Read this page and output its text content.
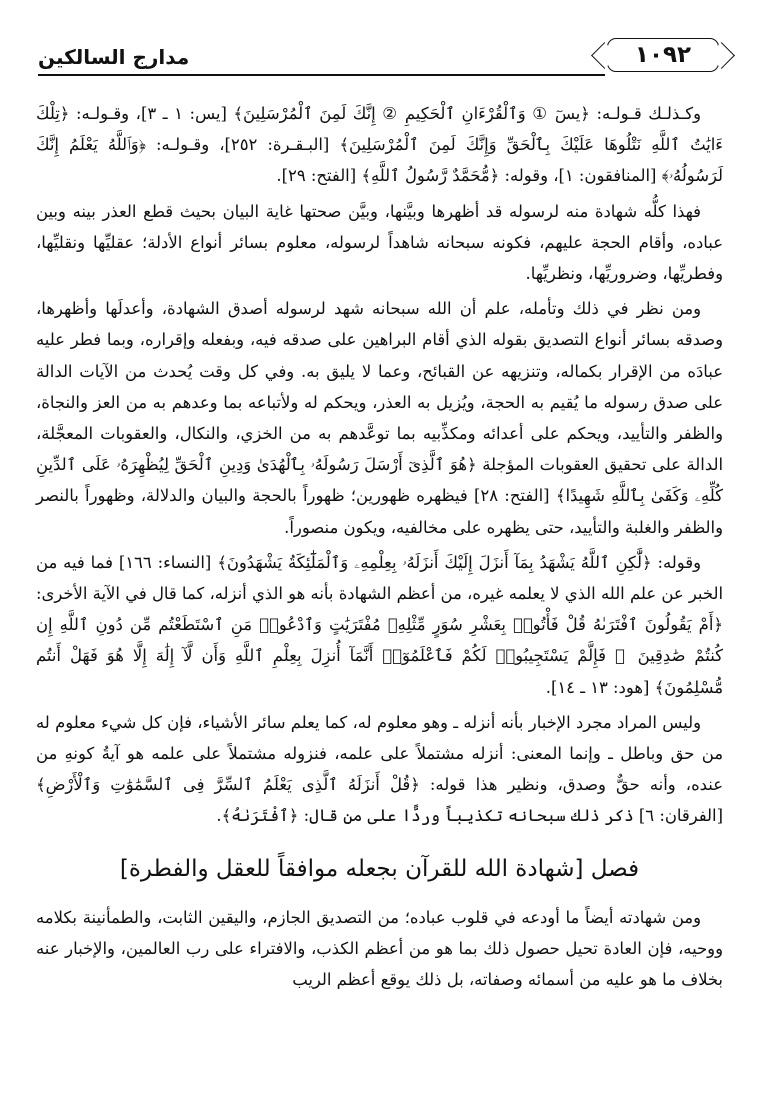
مدارج السالكين	١٠٩٢

وكـذلـك قـولـه: ﴿يسٓ ① وَٱلْقُرْءَانِ ٱلْحَكِيمِ ② إِنَّكَ لَمِنَ ٱلْمُرْسَلِينَ﴾ [يس: ١ ـ ٣]، وقـولـه: ﴿تِلْكَ ءَايَٰتُ ٱللَّهِ نَتْلُوهَا عَلَيْكَ بِٱلْحَقِّ وَإِنَّكَ لَمِنَ ٱلْمُرْسَلِينَ﴾ [البـقـرة: ٢٥٢]، وقـولـه: ﴿وَٱللَّهُ يَعْلَمُ إِنَّكَ لَرَسُولُهُۥ﴾ [المنافقون: ١]، وقوله: ﴿مُّحَمَّدٌ رَّسُولُ ٱللَّهِ﴾ [الفتح: ٢٩].

فهذا كلُّه شهادة منه لرسوله قد أظهرها وبيَّنها، وبيَّن صحتها غاية البيان بحيث قطع العذر بينه وبين عباده، وأقام الحجة عليهم، فكونه سبحانه شاهداً لرسوله، معلوم بسائر أنواع الأدلة؛ عقليِّها ونقليِّها، وفطريِّها، وضروريِّها، ونظريِّها.

ومن نظر في ذلك وتأمله، علم أن الله سبحانه شهد لرسوله أصدق الشهادة، وأعدلَها وأظهرها، وصدقه بسائر أنواع التصديق بقوله الذي أقام البراهين على صدقه فيه، وبفعله وإقراره، وبما فطر عليه عبادَه من الإقرار بكماله، وتنزيهه عن القبائح، وعما لا يليق به. وفي كل وقت يُحدث من الآيات الدالة على صدق رسوله ما يُقيم به الحجة، ويُزيل به العذر، ويحكم له ولأتباعه بما وعدهم به من العز والنجاة، والظفر والتأييد، ويحكم على أعدائه ومكذِّبيه بما توعَّدهم به من الخزي، والنكال، والعقوبات المعجَّلة، الدالة على تحقيق العقوبات المؤجلة ﴿هُوَ ٱلَّذِىٓ أَرْسَلَ رَسُولَهُۥ بِٱلْهُدَىٰ وَدِينِ ٱلْحَقِّ لِيُظْهِرَهُۥ عَلَى ٱلدِّينِ كُلِّهِۦ وَكَفَىٰ بِٱللَّهِ شَهِيدًا﴾ [الفتح: ٢٨] فيظهره ظهورين؛ ظهوراً بالحجة والبيان والدلالة، وظهوراً بالنصر والظفر والغلبة والتأييد، حتى يظهره على مخالفيه، ويكون منصوراً.

وقوله: ﴿لَّٰكِنِ ٱللَّهُ يَشْهَدُ بِمَآ أَنزَلَ إِلَيْكَ أَنزَلَهُۥ بِعِلْمِهِۦ وَٱلْمَلَٰٓئِكَةُ يَشْهَدُونَ﴾ [النساء: ١٦٦] فما فيه من الخبر عن علم الله الذي لا يعلمه غيره، من أعظم الشهادة بأنه هو الذي أنزله، كما قال في الآية الأخرى: ﴿أَمْ يَقُولُونَ ٱفْتَرَىٰهُ قُلْ فَأْتُوا۟ بِعَشْرِ سُوَرٍ مِّثْلِهِۦ مُفْتَرَيَٰتٍ وَٱدْعُوا۟ مَنِ ٱسْتَطَعْتُم مِّن دُونِ ٱللَّهِ إِن كُنتُمْ صَٰدِقِينَ ⑬ فَإِلَّمْ يَسْتَجِيبُوا۟ لَكُمْ فَٱعْلَمُوٓا۟ أَنَّمَآ أُنزِلَ بِعِلْمِ ٱللَّهِ وَأَن لَّآ إِلَٰهَ إِلَّا هُوَ فَهَلْ أَنتُم مُّسْلِمُونَ﴾ [هود: ١٣ ـ ١٤].

وليس المراد مجرد الإخبار بأنه أنزله ـ وهو معلوم له، كما يعلم سائر الأشياء، فإن كل شيء معلوم له من حق وباطل ـ وإنما المعنى: أنزله مشتملاً على علمه، فنزوله مشتملاً على علمه هو آيةُ كونهِ من عنده، وأنه حقٌّ وصدق، ونظير هذا قوله: ﴿قُلْ أَنزَلَهُ ٱلَّذِى يَعْلَمُ ٱلسِّرَّ فِى ٱلسَّمَٰوَٰتِ وَٱلْأَرْضِ﴾ [الفرقان: ٦] ذكر ذلك سبحانه تكذيباً وردًّا على من قال: ﴿ٱفْتَرَىٰهُ﴾.

فصل [شهادة الله للقرآن بجعله موافقاً للعقل والفطرة]

ومن شهادته أيضاً ما أودعه في قلوب عباده؛ من التصديق الجازم، واليقين الثابت، والطمأنينة بكلامه ووحيه، فإن العادة تحيل حصول ذلك بما هو من أعظم الكذب، والافتراء على رب العالمين، والإخبار عنه بخلاف ما هو عليه من أسمائه وصفاته، بل ذلك يوقع أعظم الريب
